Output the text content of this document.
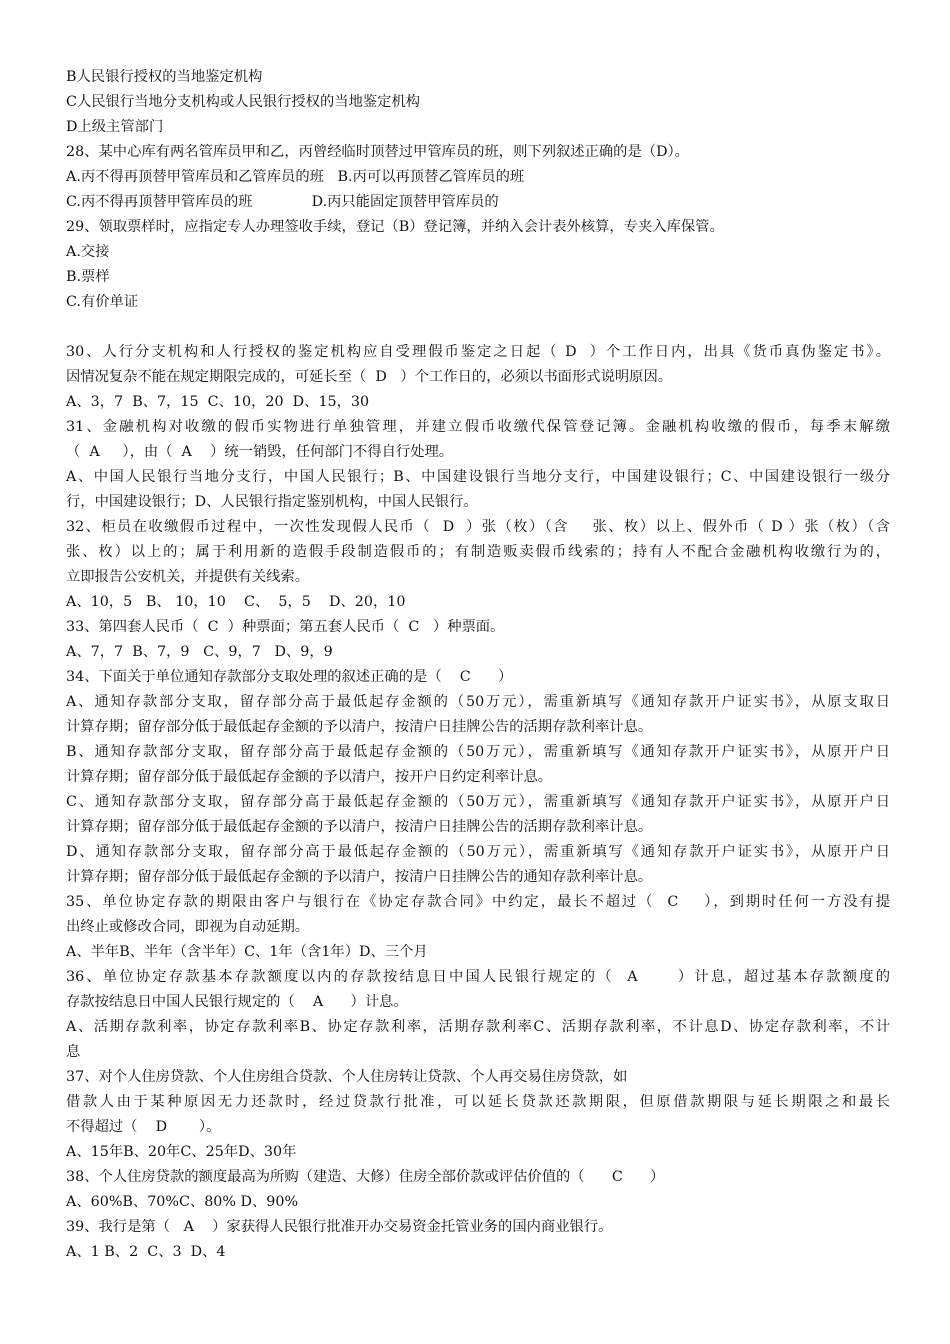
B人民银行授权的当地鉴定机构
C人民银行当地分支机构或人民银行授权的当地鉴定机构
D上级主管部门
28、某中心库有两名管库员甲和乙，丙曾经临时顶替过甲管库员的班，则下列叙述正确的是（D）。
A.丙不得再顶替甲管库员和乙管库员的班   B.丙可以再顶替乙管库员的班
C.丙不得再顶替甲管库员的班             D.丙只能固定顶替甲管库员的
29、领取票样时，应指定专人办理签收手续，登记（B）登记簿，并纳入会计表外核算，专夹入库保管。
A.交接
B.票样
C.有价单证
30、人行分支机构和人行授权的鉴定机构应自受理假币鉴定之日起（ D  ）个工作日内，出具《货币真伪鉴定书》。
因情况复杂不能在规定期限完成的，可延长至（  D   ）个工作日的，必须以书面形式说明原因。
A、3，7  B、7，15  C、10，20  D、15，30
31、金融机构对收缴的假币实物进行单独管理，并建立假币收缴代保管登记簿。金融机构收缴的假币，每季末解缴
（  A     ），由（  A    ）统一销毁，任何部门不得自行处理。
A、中国人民银行当地分支行，中国人民银行；B、中国建设银行当地分支行，中国建设银行；C、中国建设银行一级分
行，中国建设银行；D、人民银行指定鉴别机构，中国人民银行。
32、柜员在收缴假币过程中，一次性发现假人民币（  D  ）张（枚）（含    张、枚）以上、假外币（ D ）张（枚）（含
张、枚）以上的；属于利用新的造假手段制造假币的；有制造贩卖假币线索的；持有人不配合金融机构收缴行为的，
立即报告公安机关，并提供有关线索。
A、10，5   B、 10，10    C、  5，5    D、20，10
33、第四套人民币（  C  ）种票面；第五套人民币（  C   ）种票面。
A、7，7  B、7，9   C、9，7   D、9，9
34、下面关于单位通知存款部分支取处理的叙述正确的是（    C      ）
A、通知存款部分支取，留存部分高于最低起存金额的（50万元），需重新填写《通知存款开户证实书》，从原支取日
计算存期；留存部分低于最低起存金额的予以清户，按清户日挂牌公告的活期存款利率计息。
B、通知存款部分支取，留存部分高于最低起存金额的（50万元），需重新填写《通知存款开户证实书》，从原开户日
计算存期；留存部分低于最低起存金额的予以清户，按开户日约定利率计息。
C、通知存款部分支取，留存部分高于最低起存金额的（50万元），需重新填写《通知存款开户证实书》，从原开户日
计算存期；留存部分低于最低起存金额的予以清户，按清户日挂牌公告的活期存款利率计息。
D、通知存款部分支取，留存部分高于最低起存金额的（50万元），需重新填写《通知存款开户证实书》，从原开户日
计算存期；留存部分低于最低起存金额的予以清户，按清户日挂牌公告的通知存款利率计息。
35、单位协定存款的期限由客户与银行在《协定存款合同》中约定，最长不超过（  C    ），到期时任何一方没有提
出终止或修改合同，即视为自动延期。
A、半年B、半年（含半年）C、1年（含1年）D、三个月
36、单位协定存款基本存款额度以内的存款按结息日中国人民银行规定的（  A      ）计息，超过基本存款额度的
存款按结息日中国人民银行规定的（    A      ）计息。
A、活期存款利率，协定存款利率B、协定存款利率，活期存款利率C、活期存款利率，不计息D、协定存款利率，不计
息
37、对个人住房贷款、个人住房组合贷款、个人住房转让贷款、个人再交易住房贷款，如
借款人由于某种原因无力还款时，经过贷款行批准，可以延长贷款还款期限，但原借款期限与延长期限之和最长
不得超过（    D       ）。
A、15年B、20年C、25年D、30年
38、个人住房贷款的额度最高为所购（建造、大修）住房全部价款或评估价值的（      C      ）
A、60%B、70%C、80% D、90%
39、我行是第（   A    ）家获得人民银行批准开办交易资金托管业务的国内商业银行。
A、1 B、2  C、3  D、4
